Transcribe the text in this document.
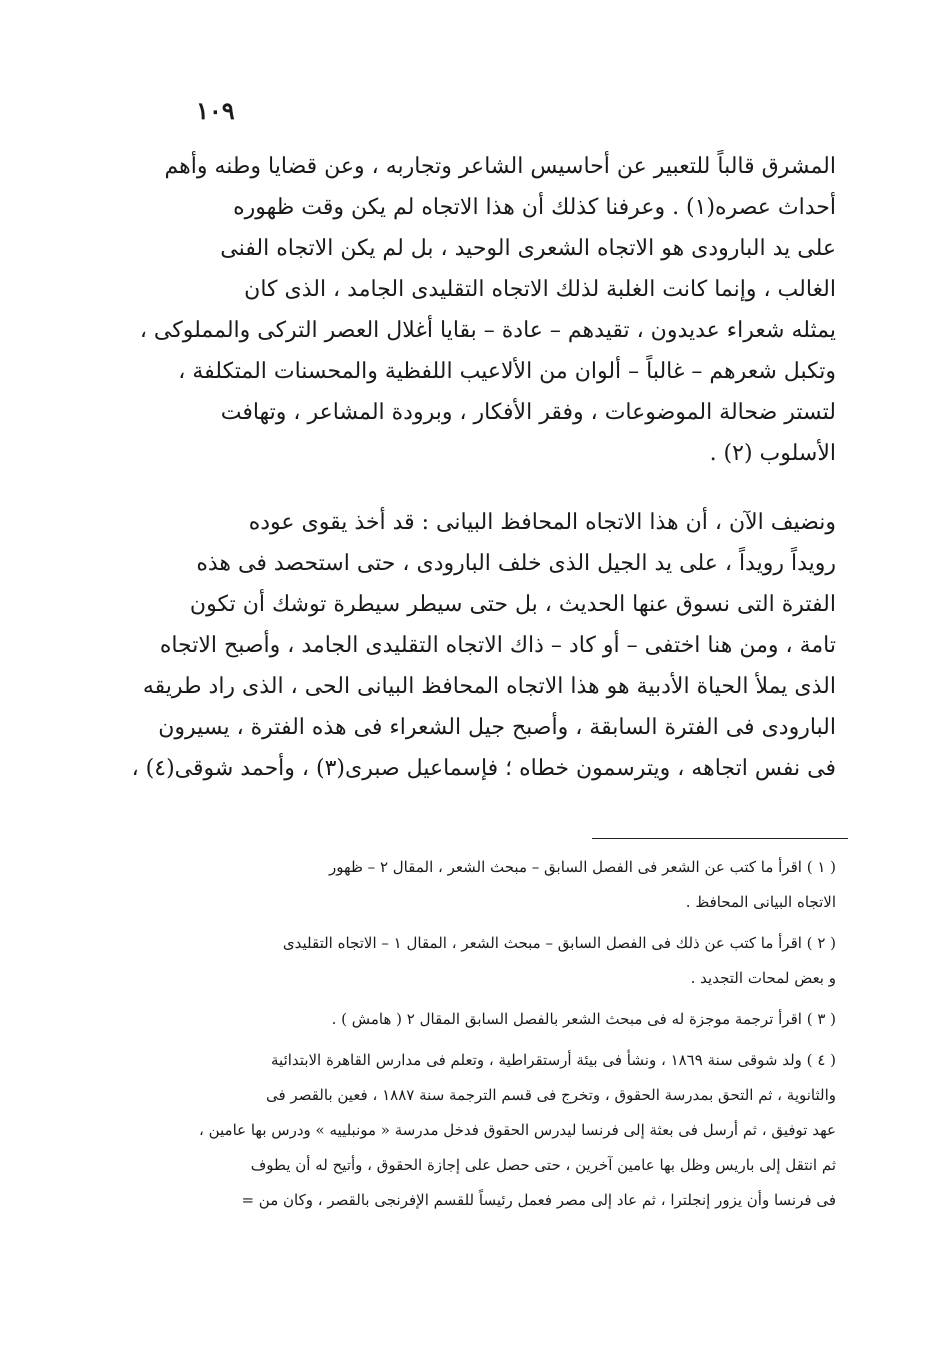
١٠٩
المشرق قالباً للتعبير عن أحاسيس الشاعر وتجاربه ، وعن قضايا وطنه وأهم
أحداث عصره(١) . وعرفنا كذلك أن هذا الاتجاه لم يكن وقت ظهوره
على يد البارودى هو الاتجاه الشعرى الوحيد ، بل لم يكن الاتجاه الفنى
الغالب ، وإنما كانت الغلبة لذلك الاتجاه التقليدى الجامد ، الذى كان
يمثله شعراء عديدون ، تقيدهم – عادة – بقايا أغلال العصر التركى والمملوكى ،
وتكبل شعرهم – غالباً – ألوان من الألاعيب اللفظية والمحسنات المتكلفة ،
لتستر ضحالة الموضوعات ، وفقر الأفكار ، وبرودة المشاعر ، وتهافت
الأسلوب (٢) .
ونضيف الآن ، أن هذا الاتجاه المحافظ البيانى : قد أخذ يقوى عوده
رويداً رويداً ، على يد الجيل الذى خلف البارودى ، حتى استحصد فى هذه
الفترة التى نسوق عنها الحديث ، بل حتى سيطر سيطرة توشك أن تكون
تامة ، ومن هنا اختفى – أو كاد – ذاك الاتجاه التقليدى الجامد ، وأصبح الاتجاه
الذى يملأ الحياة الأدبية هو هذا الاتجاه المحافظ البيانى الحى ، الذى راد طريقه
البارودى فى الفترة السابقة ، وأصبح جيل الشعراء فى هذه الفترة ، يسيرون
فى نفس اتجاهه ، ويترسمون خطاه ؛ فإسماعيل صبرى(٣) ، وأحمد شوقى(٤) ،
( ١ ) اقرأ ما كتب عن الشعر فى الفصل السابق – مبحث الشعر ، المقال ٢ – ظهور
الاتجاه البيانى المحافظ .
( ٢ ) اقرأ ما كتب عن ذلك فى الفصل السابق – مبحث الشعر ، المقال ١ – الاتجاه التقليدى
و بعض لمحات التجديد .
( ٣ ) اقرأ ترجمة موجزة له فى مبحث الشعر بالفصل السابق المقال ٢ ( هامش ) .
( ٤ ) ولد شوقى سنة ١٨٦٩ ، ونشأ فى بيئة أرستقراطية ، وتعلم فى مدارس القاهرة الابتدائية
والثانوية ، ثم التحق بمدرسة الحقوق ، وتخرج فى قسم الترجمة سنة ١٨٨٧ ، فعين بالقصر فى
عهد توفيق ، ثم أرسل فى بعثة إلى فرنسا ليدرس الحقوق فدخل مدرسة « مونبلييه » ودرس بها عامين ،
ثم انتقل إلى باريس وظل بها عامين آخرين ، حتى حصل على إجازة الحقوق ، وأتيح له أن يطوف
فى فرنسا وأن يزور إنجلترا ، ثم عاد إلى مصر فعمل رئيساً للقسم الإفرنجى بالقصر ، وكان من =
